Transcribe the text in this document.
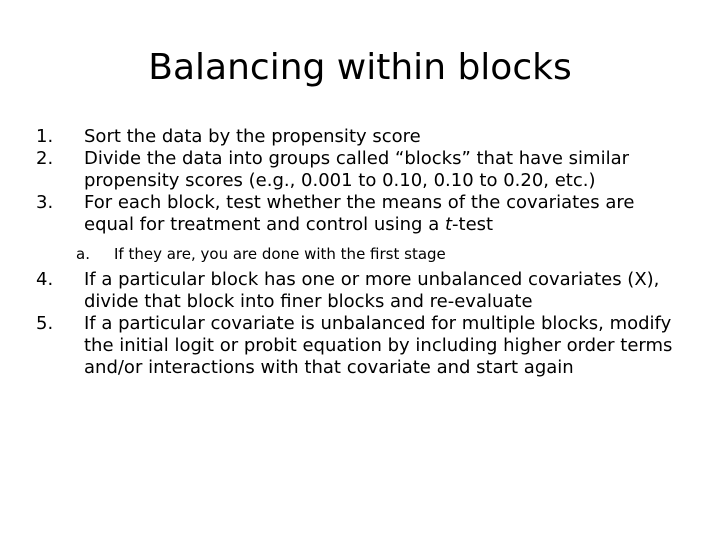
Balancing within blocks
1.	Sort the data by the propensity score
2.	Divide the data into groups called “blocks” that have similar propensity scores (e.g., 0.001 to 0.10, 0.10 to 0.20, etc.)
3.	For each block, test whether the means of the covariates are equal for treatment and control using a t-test
a.	If they are, you are done with the first stage
4.	If a particular block has one or more unbalanced covariates (X), divide that block into finer blocks and re-evaluate
5.	If a particular covariate is unbalanced for multiple blocks, modify the initial logit or probit equation by including higher order terms and/or interactions with that covariate and start again
